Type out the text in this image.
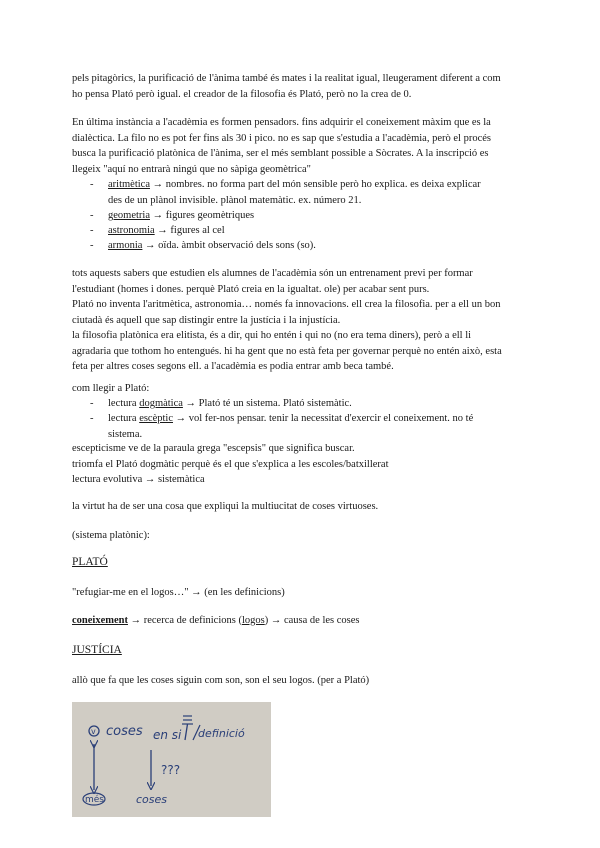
pels pitagòrics, la purificació de l'ànima també és mates i la realitat igual, lleugerament diferent a com
ho pensa Plató però igual. el creador de la filosofia és Plató, però no la crea de 0.
En última instància a l'acadèmia es formen pensadors. fins adquirir el coneixement màxim que es la
dialèctica. La filo no es pot fer fins als 30 i pico. no es sap que s'estudia a l'acadèmia, però el procés
busca la purificació platònica de l'ànima, ser el més semblant possible a Sòcrates. A la inscripció es
llegeix "aquí no entrarà ningú que no sàpiga geomètrica"
- aritmètica → nombres. no forma part del món sensible però ho explica. es deixa explicar
des de un plànol invisible. plànol matemàtic. ex. número 21.
- geometria → figures geomètriques
- astronomia → figures al cel
- armonia → oïda. àmbit observació dels sons (so).
tots aquests sabers que estudien els alumnes de l'acadèmia són un entrenament previ per formar
l'estudiant (homes i dones. perquè Plató creia en la igualtat. ole) per acabar sent purs.
Plató no inventa l'aritmètica, astronomia… només fa innovacions. ell crea la filosofia. per a ell un bon
ciutadà és aquell que sap distingir entre la justícia i la injustícia.
la filosofia platònica era elitista, és a dir, qui ho entén i qui no (no era tema diners), però a ell li
agradaria que tothom ho entengués. hi ha gent que no està feta per governar perquè no entén això, esta
feta per altres coses segons ell. a l'acadèmia es podia entrar amb beca també.
com llegir a Plató:
- lectura dogmàtica → Plató té un sistema. Plató sistemàtic.
- lectura escèptic → vol fer-nos pensar. tenir la necessitat d'exercir el coneixement. no té
sistema.
escepticisme ve de la paraula grega "escepsis" que significa buscar.
triomfa el Plató dogmàtic perquè és el que s'explica a les escoles/batxillerat
lectura evolutiva → sistemàtica
la virtut ha de ser una cosa que expliqui la multiucitat de coses virtuoses.
(sistema platònic):
PLATÓ
"refugiar-me en el logos…" → (en les definicions)
coneixement → recerca de definicions (logos) → causa de les coses
JUSTÍCIA
allò que fa que les coses siguin com son, son el seu logos. (per a Plató)
v coses en si definició
???
més	coses
